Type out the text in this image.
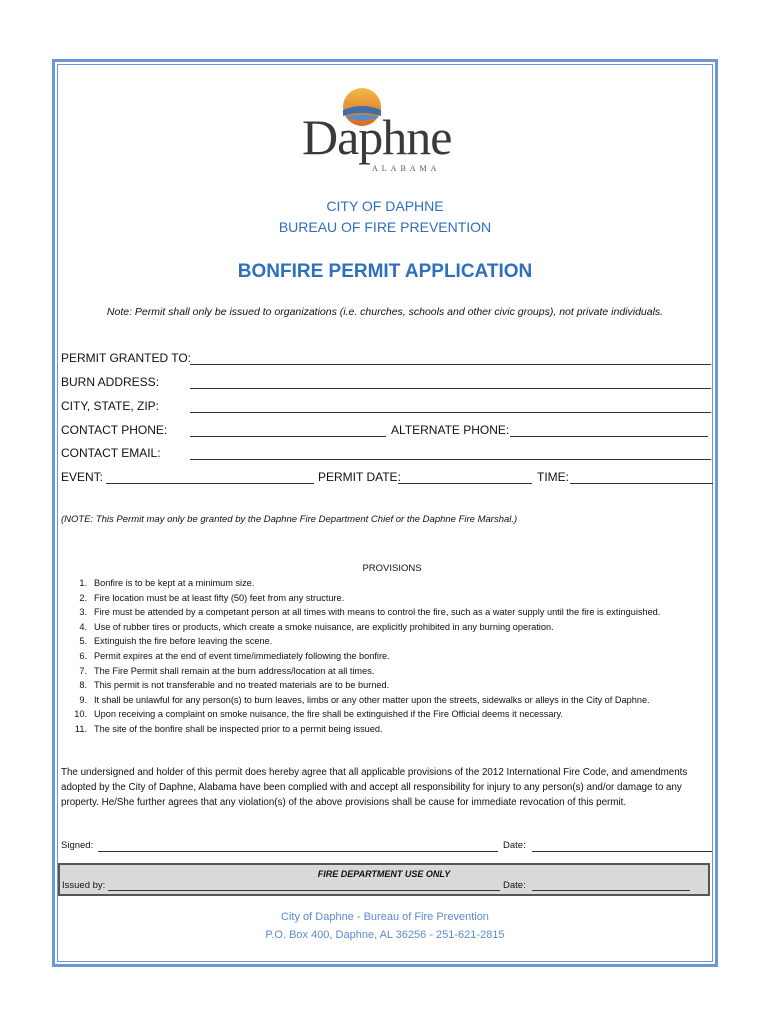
Daphne
ALABAMA
CITY OF DAPHNE
BUREAU OF FIRE PREVENTION
BONFIRE PERMIT APPLICATION
Note: Permit shall only be issued to organizations (i.e. churches, schools and other civic groups), not private individuals.
PERMIT GRANTED TO:
BURN ADDRESS:
CITY, STATE, ZIP:
CONTACT PHONE:	ALTERNATE PHONE:
CONTACT EMAIL:
EVENT:	PERMIT DATE:	TIME:
(NOTE: This Permit may only be granted by the Daphne Fire Department Chief or the Daphne Fire Marshal.)
PROVISIONS
1. Bonfire is to be kept at a minimum size.
2. Fire location must be at least fifty (50) feet from any structure.
3. Fire must be attended by a competant person at all times with means to control the fire, such as a water supply until the fire is extinguished.
4. Use of rubber tires or products, which create a smoke nuisance, are explicitly prohibited in any burning operation.
5. Extinguish the fire before leaving the scene.
6. Permit expires at the end of event time/immediately following the bonfire.
7. The Fire Permit shall remain at the burn address/location at all times.
8. This permit is not transferable and no treated materials are to be burned.
9. It shall be unlawful for any person(s) to burn leaves, limbs or any other matter upon the streets, sidewalks or alleys in the City of Daphne.
10. Upon receiving a complaint on smoke nuisance, the fire shall be extinguished if the Fire Official deems it necessary.
11. The site of the bonfire shall be inspected prior to a permit being issued.
The undersigned and holder of this permit does hereby agree that all applicable provisions of the 2012 International Fire Code, and amendments adopted by the City of Daphne, Alabama have been complied with and accept all responsibility for injury to any person(s) and/or damage to any property. He/She further agrees that any violation(s) of the above provisions shall be cause for immediate revocation of this permit.
Signed:	Date:
FIRE DEPARTMENT USE ONLY
Issued by:	Date:
City of Daphne - Bureau of Fire Prevention
P.O. Box 400, Daphne, AL 36256 - 251-621-2815
